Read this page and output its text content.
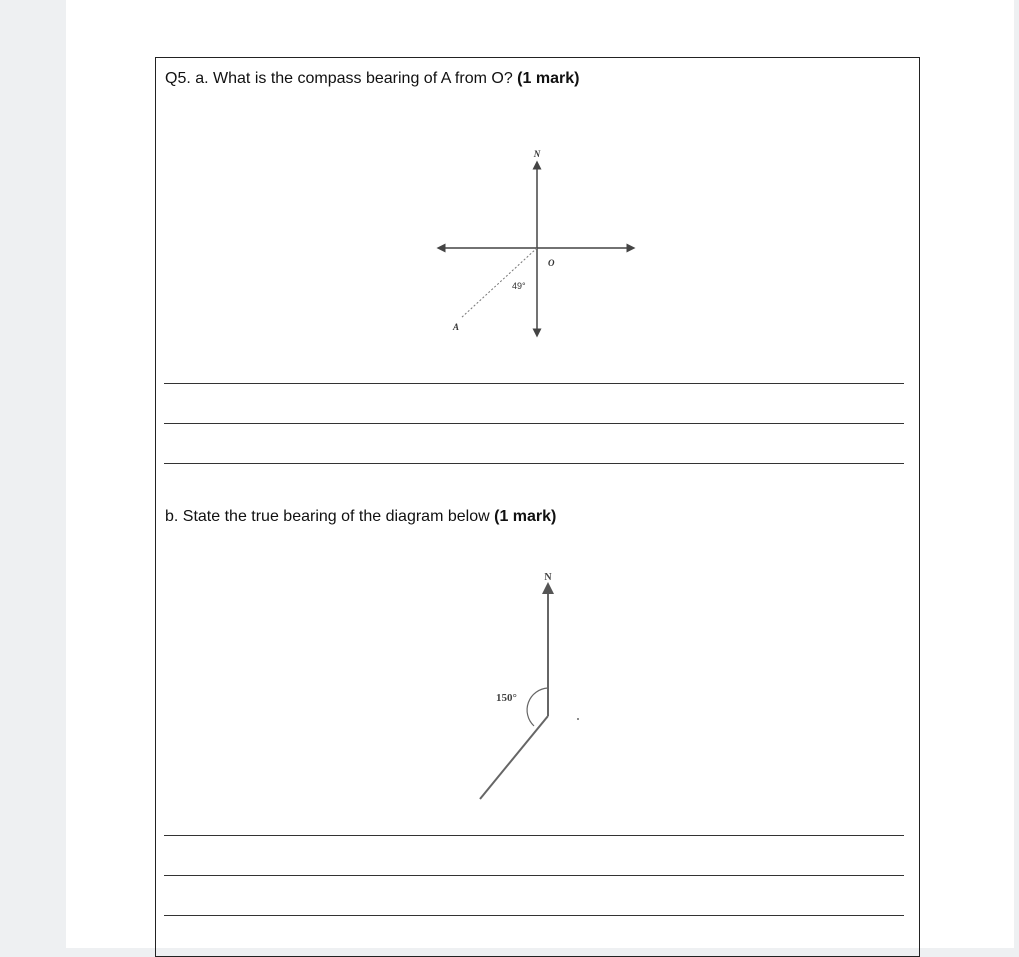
Q5. a. What is the compass bearing of A from O? (1 mark)
N
O
A
49°
b. State the true bearing of the diagram below (1 mark)
N
150°
